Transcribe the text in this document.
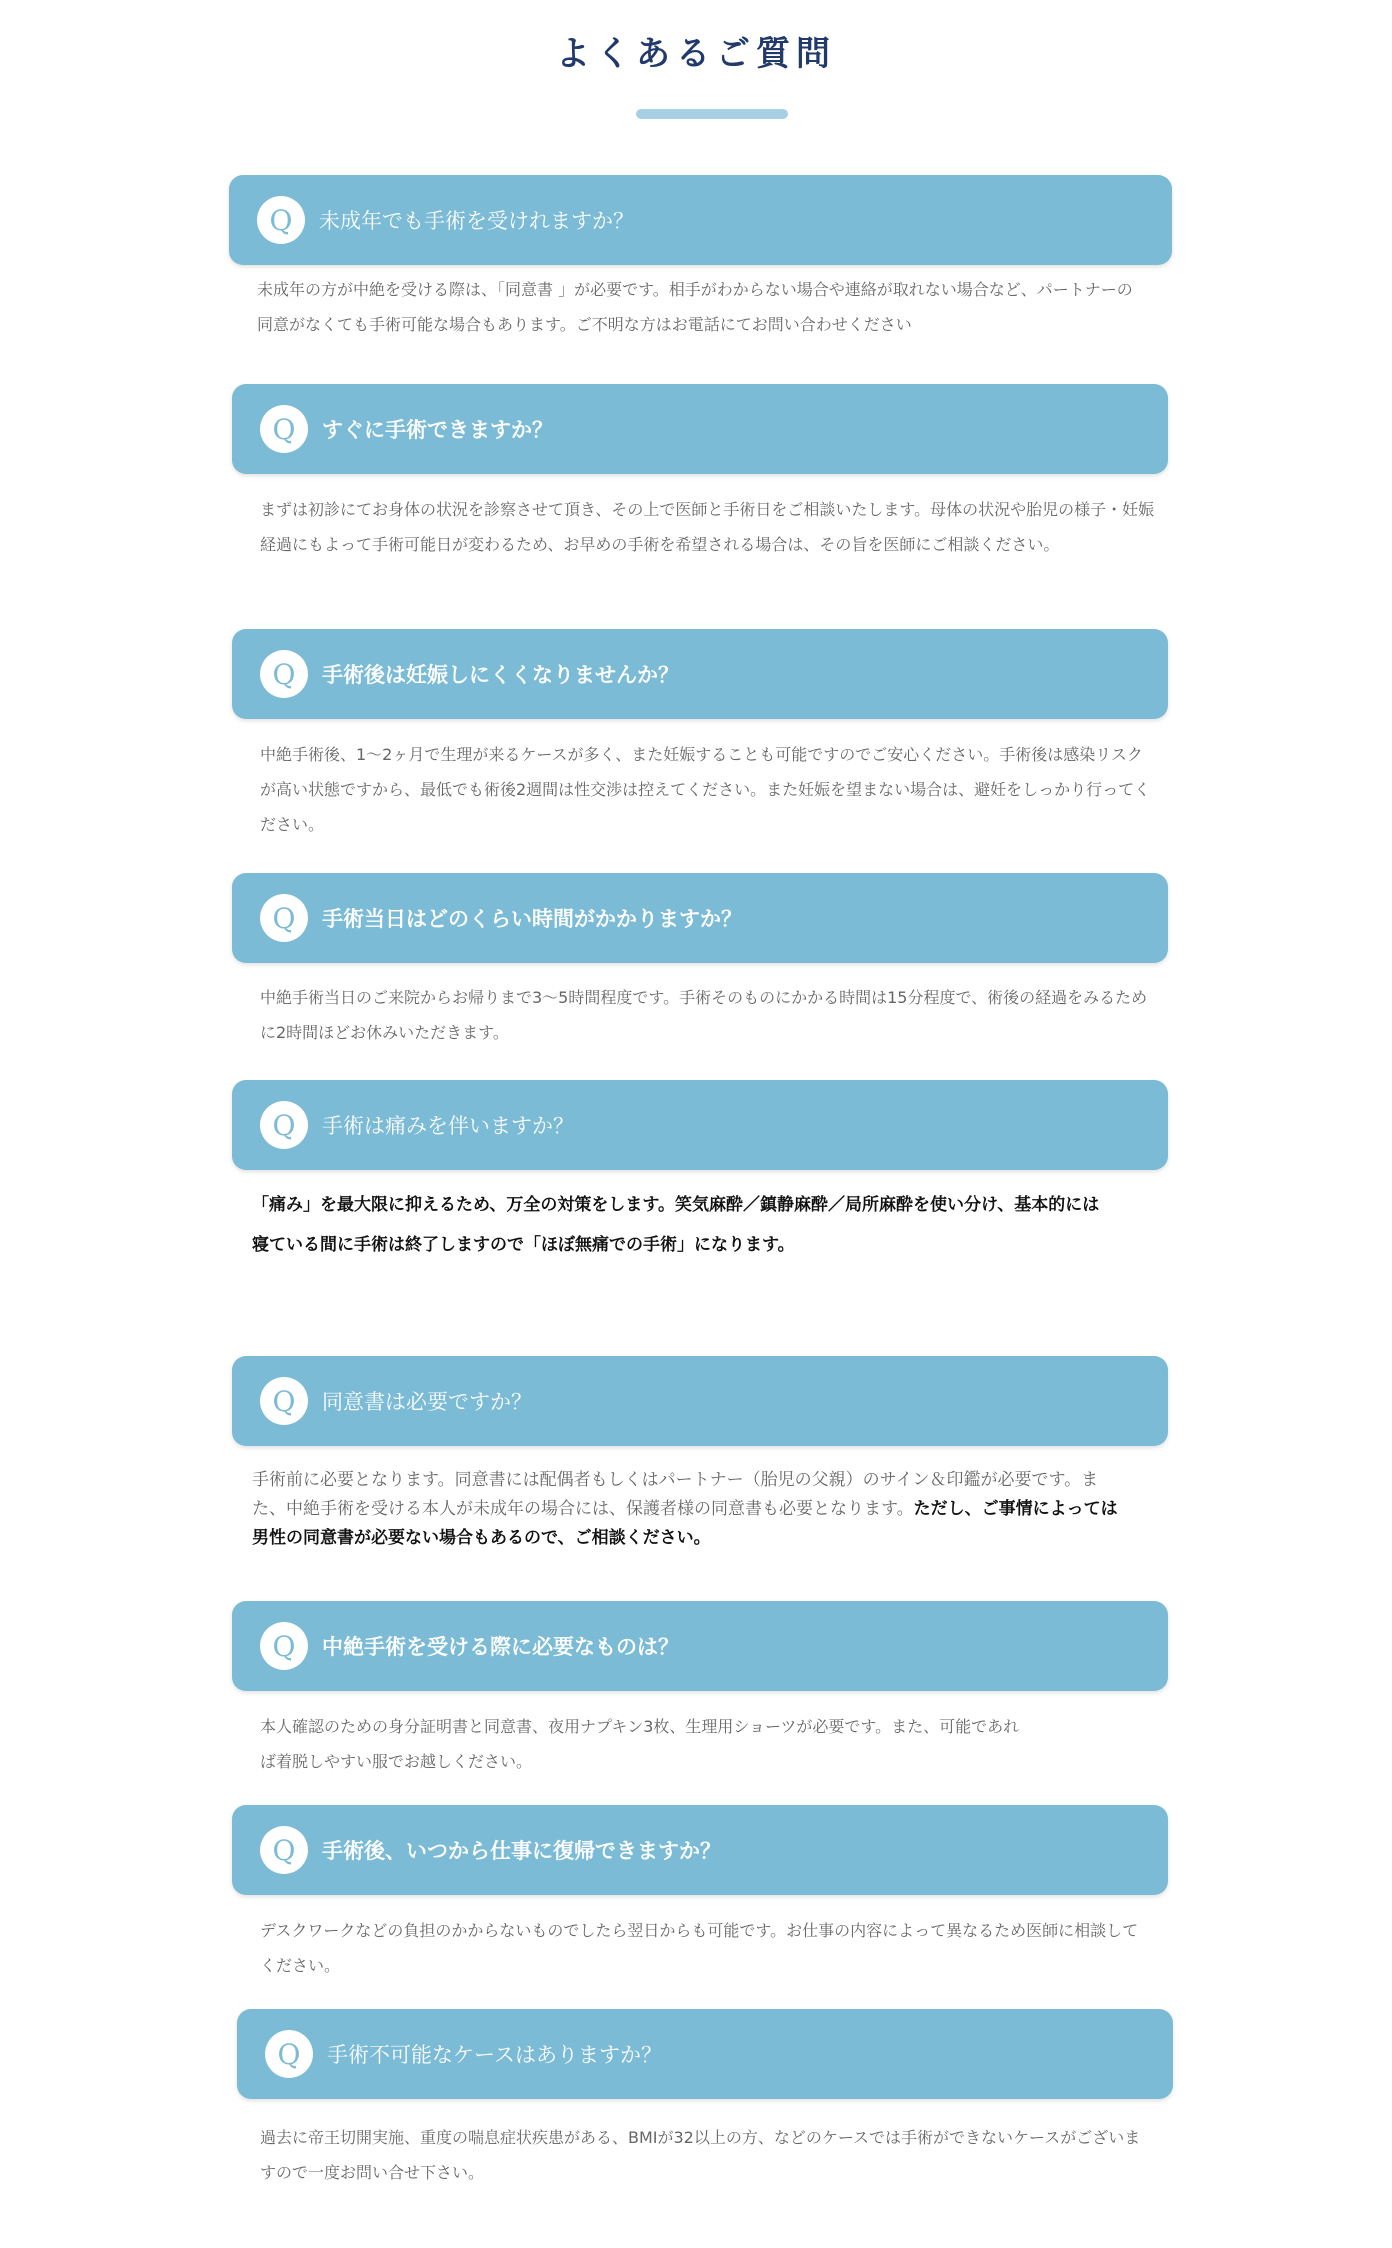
よくあるご質問
Q	未成年でも手術を受けれますか？
未成年の方が中絶を受ける際は、「同意書 」が必要です。相手がわからない場合や連絡が取れない場合など、パートナーの同意がなくても手術可能な場合もあります。ご不明な方はお電話にてお問い合わせください
Q	すぐに手術できますか？
まずは初診にてお身体の状況を診察させて頂き、その上で医師と手術日をご相談いたします。母体の状況や胎児の様子・妊娠経過にもよって手術可能日が変わるため、お早めの手術を希望される場合は、その旨を医師にご相談ください。
Q	手術後は妊娠しにくくなりませんか？
中絶手術後、1〜2ヶ月で生理が来るケースが多く、また妊娠することも可能ですのでご安心ください。手術後は感染リスクが高い状態ですから、最低でも術後2週間は性交渉は控えてください。また妊娠を望まない場合は、避妊をしっかり行ってください。
Q	手術当日はどのくらい時間がかかりますか？
中絶手術当日のご来院からお帰りまで3〜5時間程度です。手術そのものにかかる時間は15分程度で、術後の経過をみるために2時間ほどお休みいただきます。
Q	手術は痛みを伴いますか？
「痛み」を最大限に抑えるため、万全の対策をします。笑気麻酔／鎮静麻酔／局所麻酔を使い分け、基本的には寝ている間に手術は終了しますので「ほぼ無痛での手術」になります。
Q	同意書は必要ですか？
手術前に必要となります。同意書には配偶者もしくはパートナー（胎児の父親）のサイン＆印鑑が必要です。また、中絶手術を受ける本人が未成年の場合には、保護者様の同意書も必要となります。ただし、ご事情によっては男性の同意書が必要ない場合もあるので、ご相談ください。
Q	中絶手術を受ける際に必要なものは？
本人確認のための身分証明書と同意書、夜用ナプキン3枚、生理用ショーツが必要です。また、可能であれば着脱しやすい服でお越しください。
Q	手術後、いつから仕事に復帰できますか？
デスクワークなどの負担のかからないものでしたら翌日からも可能です。お仕事の内容によって異なるため医師に相談してください。
Q	手術不可能なケースはありますか？
過去に帝王切開実施、重度の喘息症状疾患がある、BMIが32以上の方、などのケースでは手術ができないケースがございますので一度お問い合せ下さい。
